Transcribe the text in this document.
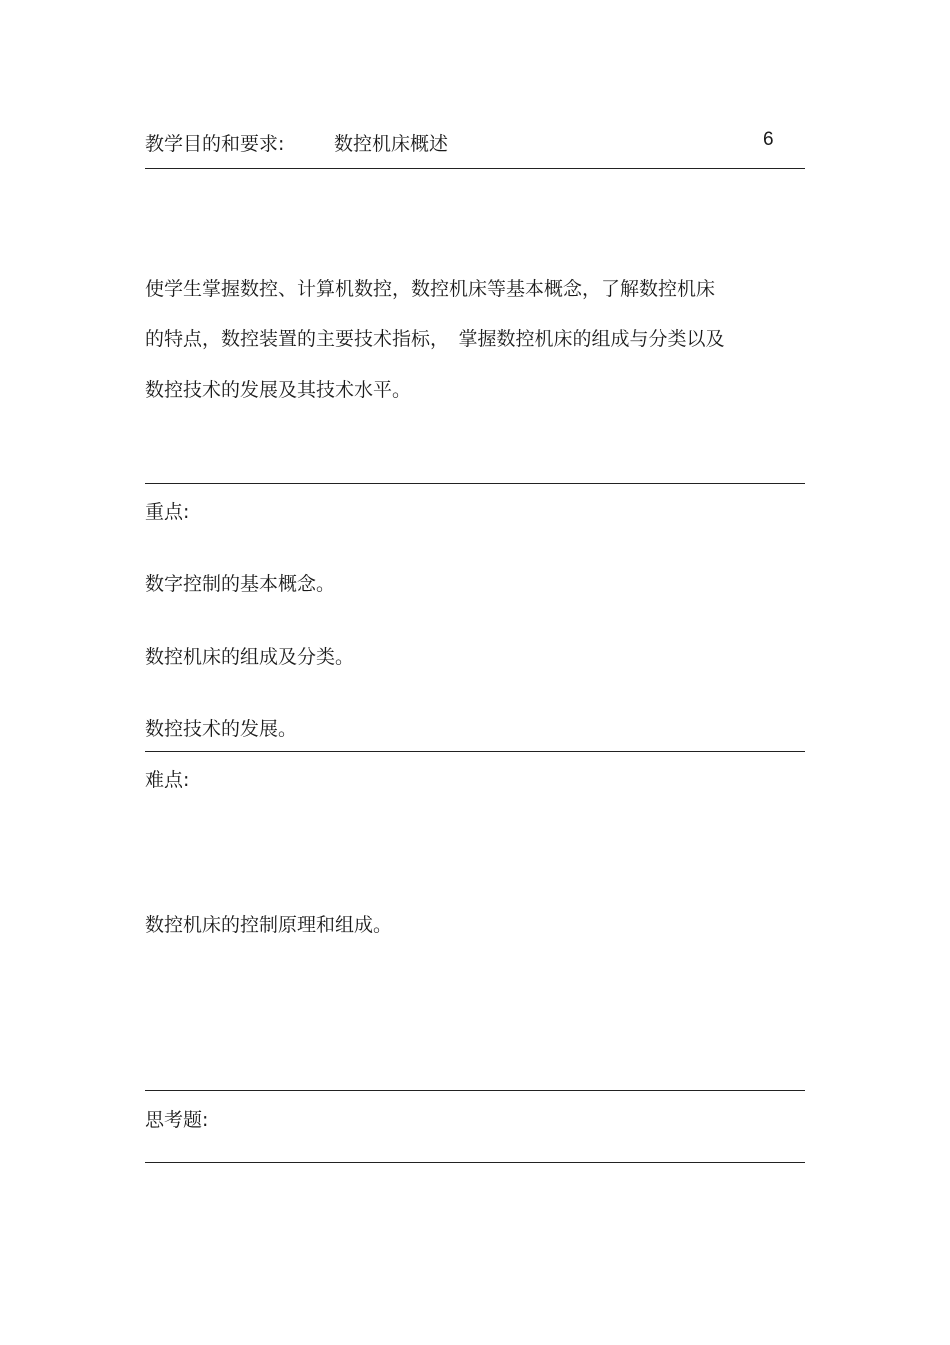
教学目的和要求:	数控机床概述	6
使学生掌握数控、计算机数控，数控机床等基本概念，了解数控机床
的特点，数控装置的主要技术指标，　掌握数控机床的组成与分类以及
数控技术的发展及其技术水平。
重点:
数字控制的基本概念。
数控机床的组成及分类。
数控技术的发展。
难点:
数控机床的控制原理和组成。
思考题:
